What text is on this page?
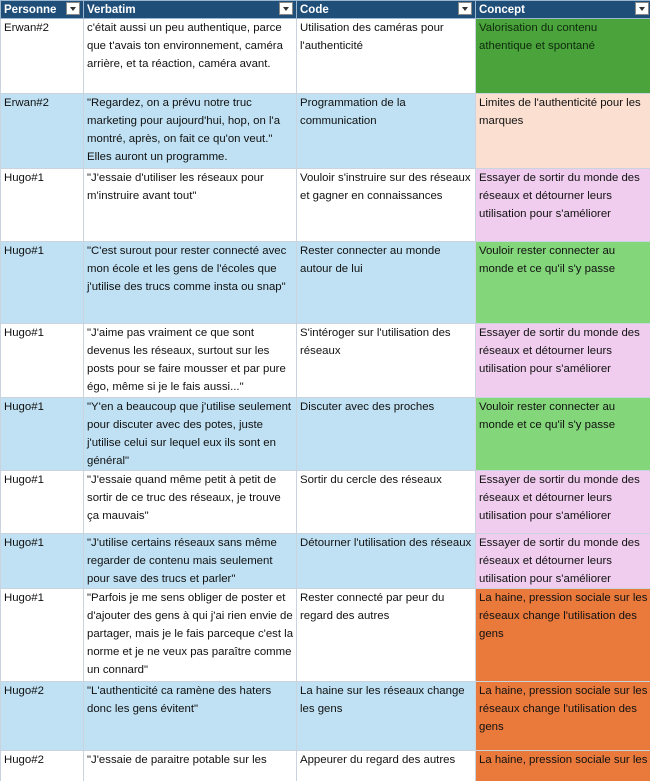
Personne	Verbatim	Code	Concept

Erwan#2	c'était aussi un peu authentique, parce que t'avais ton environnement, caméra arrière, et ta réaction, caméra avant.	Utilisation des caméras pour l'authenticité	Valorisation du contenu athentique et spontané
Erwan#2	"Regardez, on a prévu notre truc marketing pour aujourd'hui, hop, on l'a montré, après, on fait ce qu'on veut." Elles auront un programme.	Programmation de la communication	Limites de l'authenticité pour les marques
Hugo#1	"J'essaie d'utiliser les réseaux pour m'instruire avant tout"	Vouloir s'instruire sur des réseaux et gagner en connaissances	Essayer de sortir du monde des réseaux et détourner leurs utilisation pour s'améliorer
Hugo#1	"C'est surout pour rester connecté avec mon école et les gens de l'écoles que j'utilise des trucs comme insta ou snap"	Rester connecter au monde autour de lui	Vouloir rester connecter au monde et ce qu'il s'y passe
Hugo#1	"J'aime pas vraiment ce que sont devenus les réseaux, surtout sur les posts pour se faire mousser et par pure égo, même si je le fais aussi..."	S'intéroger sur l'utilisation des réseaux	Essayer de sortir du monde des réseaux et détourner leurs utilisation pour s'améliorer
Hugo#1	"Y'en a beaucoup que j'utilise seulement pour discuter avec des potes, juste j'utilise celui sur lequel eux ils sont en général"	Discuter avec des proches	Vouloir rester connecter au monde et ce qu'il s'y passe
Hugo#1	"J'essaie quand même petit à petit de sortir de ce truc des réseaux, je trouve ça mauvais"	Sortir du cercle des réseaux	Essayer de sortir du monde des réseaux et détourner leurs utilisation pour s'améliorer
Hugo#1	"J'utilise certains réseaux sans même regarder de contenu mais seulement pour save des trucs et parler"	Détourner l'utilisation des réseaux	Essayer de sortir du monde des réseaux et détourner leurs utilisation pour s'améliorer
Hugo#1	"Parfois je me sens obliger de poster et d'ajouter des gens à qui j'ai rien envie de partager, mais je le fais parceque c'est la norme et je ne veux pas paraître comme un connard"	Rester connecté par peur du regard des autres	La haine, pression sociale sur les réseaux change l'utilisation des gens
Hugo#2	"L'authenticité ca ramène des haters donc les gens évitent"	La haine sur les réseaux change les gens	La haine, pression sociale sur les réseaux change l'utilisation des gens
Hugo#2	"J'essaie de paraitre potable sur les	Appeurer du regard des autres	La haine, pression sociale sur les
